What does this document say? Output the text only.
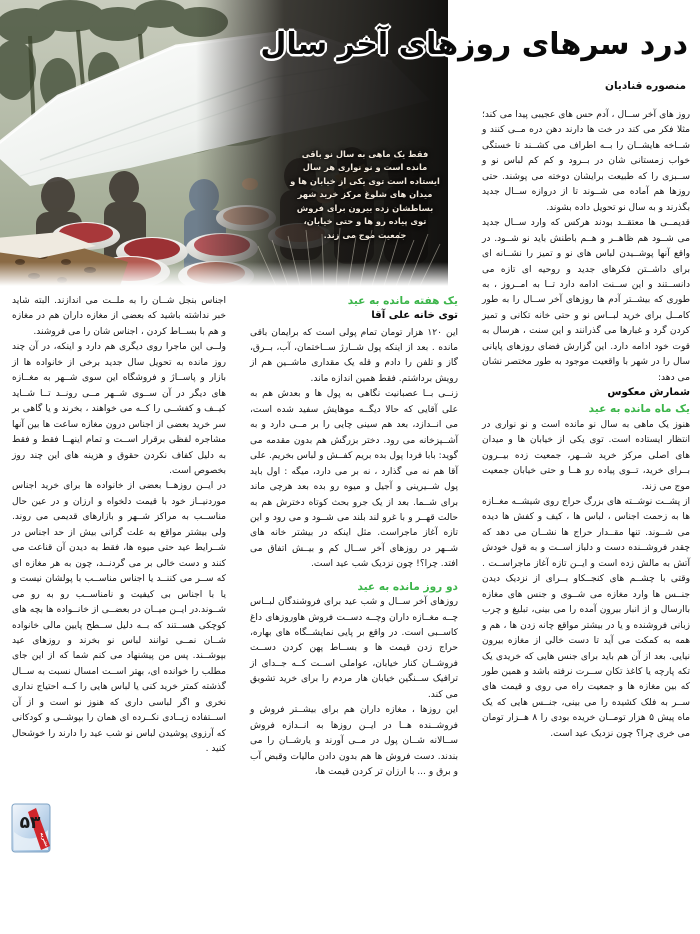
فقط یک ماهی به سال نو باقی مانده است و نو نواری هر سال ایستاده است توی یکی از خیابان ها و میدان های شلوغ مرکز خرید شهر بساطشان زده بیرون برای فروش توی پیاده رو ها و حتی خیابان، جمعیت موج می زند.
درد سرهای روزهای آخر سال
منصوره قنادیان

روز های آخر ســال ، آدم حس های عجیبی پیدا می کند؛ مثلا فکر می کند در خت ها دارند دهن دره مــی کنند و شــاخه هایشــان را بــه اطراف می کشــند تا خستگی خواب زمستانی شان در بــرود و کم کم لباس نو و ســبزی را که طبیعت برایشان دوخته می پوشند. حتی روزها هم آماده می شــوند تا از دروازه ســال جدید بگذرند و به سال نو تحویل داده بشوند.

قدیمــی ها معتقــد بودند هرکس که وارد ســال جدید می شــود هم ظاهــر و هــم باطنش باید نو شــود. در واقع آنها پوشــیدن لباس های نو و تمیز را نشــانه ای برای داشــتن فکرهای جدید و روحیه ای تازه می دانســتند و این ســنت ادامه دارد تــا به امــروز ، به طوری که بیشــتر آدم ها روزهای آخر ســال را به طور کامــل برای خرید لبــاس نو و حتی خانه تکانی و تمیز کردن گرد و غبارها می گذرانند و این سنت ، هرسال به قوت خود ادامه دارد. این گزارش فضای روزهای پایانی سال را در شهر با واقعیت موجود به طور مختصر نشان می دهد:

شمارش معکوس
یک ماه مانده به عید

هنوز یک ماهی به سال نو مانده است و نو نواری در انتظار ایستاده است. توی یکی از خیابان ها و میدان های اصلی مرکز خرید شــهر، جمعیت زده بیــرون بــرای خرید، تــوی پیاده رو هــا و حتی خیابان جمعیت موج می زند.

از پشــت نوشــته های بزرگ حراج روی شیشــه مغــازه ها به زحمت اجناس ، لباس ها ، کیف و کفش ها دیده می شــوند. تنها مقــدار حراج ها نشــان می دهد که چقدر فروشــنده دست و دلباز اســت و به قول خودش آتش به مالش زده است و ایــن تازه آغاز ماجراســت . وقتی با چشــم های کنجــکاو بــرای از نزدیک دیدن جنــس ها وارد مغازه می شــوی و جنس های مغازه باارسال و از انبار بیرون آمده را می بینی، تبلیغ و چرب زبانی فروشنده و یا در بیشتر مواقع چانه زدن ها ، هم و همه به کمکت می آید تا دست خالی از مغازه بیرون نیایی. بعد از آن هم باید برای جنس هایی که خریدی یک تکه پارچه یا کاغذ تکان ســرت نرفته باشد و همین طور که بین مغازه ها و جمعیت راه می روی و قیمت های ســر به فلک کشیده را می بینی، جنــس هایی که یک ماه پیش ۵ هزار تومــان خریده بودی را ۸ هــزار تومان می خری چرا؟ چون نزدیک عید است.

یک هفته مانده به عید
توی خانه علی آقا

این ۱۲۰ هزار تومان تمام پولی است که برایمان باقی مانده . بعد از اینکه پول شــارژ ســاختمان، آب، بــرق، گاز و تلفن را دادم و قله یک مقداری ماشــین هم از رویش برداشتم. فقط همین اندازه ماند.

زنــی بــا عصبانیت نگاهی به پول ها و بعدش هم به علی آقایی که حالا دیگــه موهایش سفید شده است، می انــدازد، بعد هم سینی چایی را بر مــی دارد و به آشــپزخانه می رود. دختر بزرگش هم بدون مقدمه می گوید: بابا فردا پول بده بریم کفــش و لباس بخریم. علی آقا هم نه می گذارد ، نه بر می دارد، میگه : اول باید پول شــیرینی و آجیل و میوه رو بده بعد هرچی ماند برای شــما. بعد از یک جرو بحث کوتاه دخترش هم به حالت قهــر و با غرو لند بلند می شــود و می رود و این تازه آغاز ماجراست. مثل اینکه در بیشتر خانه های شــهر در روزهای آخر ســال کم و بیــش اتفاق می افتد. چرا؟! چون نزدیک شب عید است.

دو روز مانده به عید

روزهای آخر ســال و شب عید برای فروشندگان لبــاس چــه مغــازه داران وچــه دســت فروش هاوروزهای داغ کاســبی است. در واقع بر پایی نمایشــگاه های بهاره، حراج زدن قیمت ها و بســاط پهن کردن دســت فروشــان کنار خیابان، عواملی اســت کــه جــدای از ترافیک ســنگین خیابان هار مردم را برای خرید تشویق می کند.

این روزها ، مغازه داران هم برای بیشــتر فروش و فروشــنده هــا در ایــن روزها به انــدازه فروش ســالانه شــان پول در مــی آورند و یارشــان را می بندند. دست فروش ها هم بدون دادن مالیات وقبض آب و برق و ... با ارزان تر کردن قیمت ها،

اجناس بنجل شــان را به ملــت می اندازند. البته شاید خبر نداشته باشید که بعضی از مغازه داران هم در مغازه و هم با بســاط کردن ، اجناس شان را می فروشند.

ولــی این ماجرا روی دیگری هم دارد و اینکه، در آن چند روز مانده به تحویل سال جدید برخی از خانواده ها از بازار و پاســاژ و فروشگاه این سوی شــهر به مغــازه های دیگر در آن ســوی شــهر مــی رونــد تــا شــاید کیــف و کفشــی را کــه می خواهند ، بخرند و یا گاهی بر سر خرید بعضی از اجناس درون مغازه ساعت ها بین آنها مشاجره لفظی برقرار اســت و تمام اینهــا فقط و فقط به دلیل کفاف نکردن حقوق و هزینه های این چند روز بخصوص است.

در ایــن روزهــا بعضی از خانواده ها برای خرید اجناس موردنیــاز خود با قیمت دلخواه و ارزان و در عین حال مناســب به مراکز شــهر و بازارهای قدیمی می روند. ولی بیشتر مواقع به علت گرانی بیش از حد اجناس در شــرایط عید حتی میوه ها، فقط به دیدن آن قناعت می کنند و دست خالی بر می گردنــد، چون به هر مغازه ای که ســر می کننــد یا اجناس مناســب با پولشان نیست و یا با اجناس بی کیفیت و نامناســب رو به رو می شــوند.در ایــن میــان در بعضــی از خانــواده ها بچه های کوچکی هســتند که بــه دلیل ســطح پایین مالی خانواده شــان نمــی توانند لباس نو بخرند و روزهای عید بپوشــند. پس من پیشنهاد می کنم شما که از این جای مطلب را خوانده ای، بهتر اســت امسال نسبت به ســال گذشته کمتر خرید کنی یا لباس هایی را کــه احتیاج نداری نخری و اگر لباسی داری که هنوز نو است و از آن اســتفاده زیــادی نکــرده ای همان را بپوشــی و کودکانی که آرزوی پوشیدن لباس نو شب عید را دارند را خوشحال کنید .

۵۳
نشریه
